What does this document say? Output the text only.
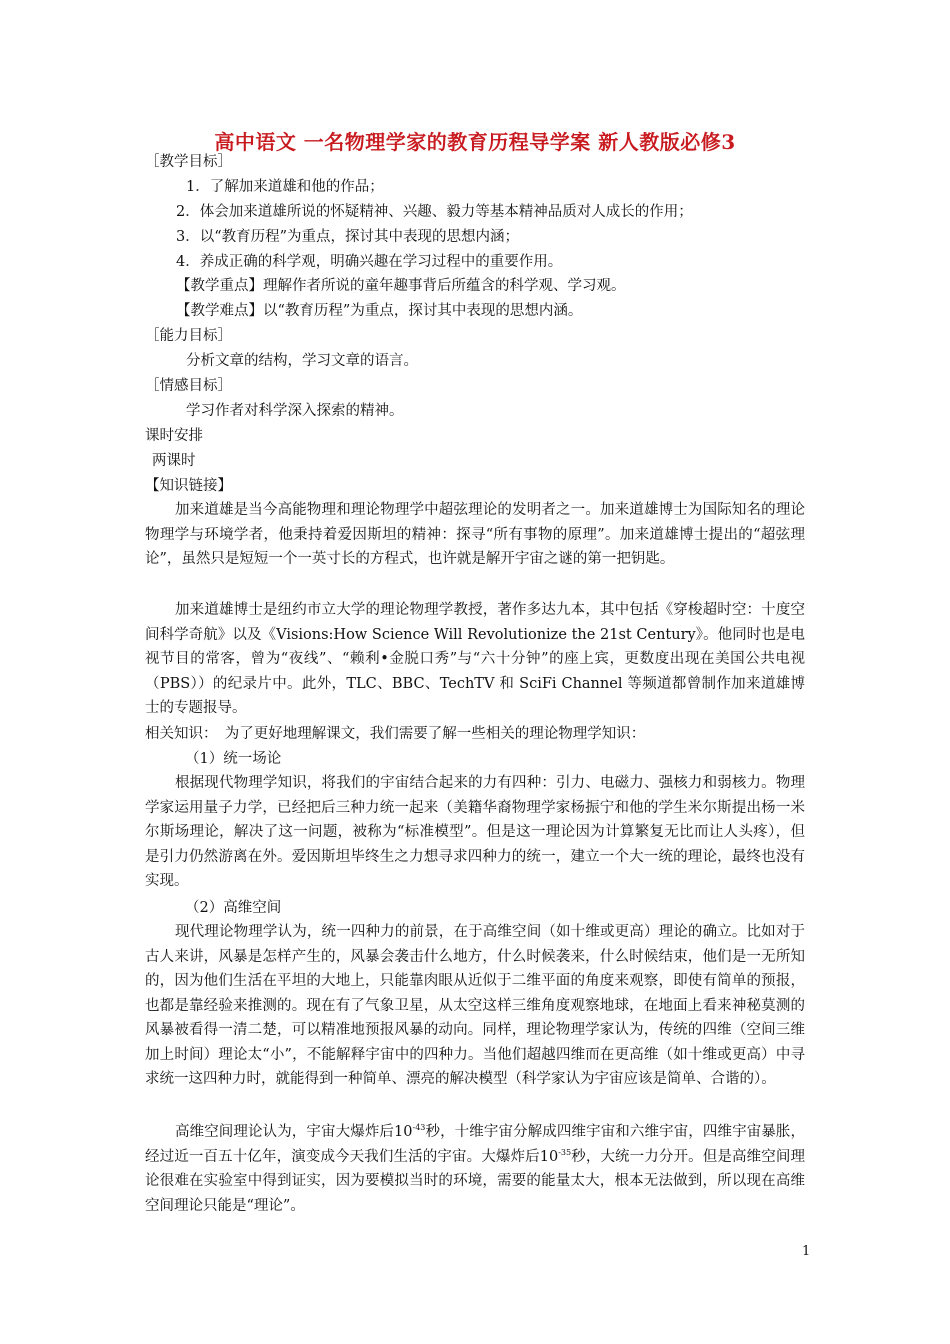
高中语文 一名物理学家的教育历程导学案 新人教版必修3
［教学目标］
1．了解加来道雄和他的作品；
2．体会加来道雄所说的怀疑精神、兴趣、毅力等基本精神品质对人成长的作用；
3．以“教育历程”为重点，探讨其中表现的思想内涵；
4．养成正确的科学观，明确兴趣在学习过程中的重要作用。
【教学重点】理解作者所说的童年趣事背后所蕴含的科学观、学习观。
【教学难点】以“教育历程”为重点，探讨其中表现的思想内涵。
［能力目标］
分析文章的结构，学习文章的语言。
［情感目标］
学习作者对科学深入探索的精神。
课时安排
两课时
【知识链接】
加来道雄是当今高能物理和理论物理学中超弦理论的发明者之一。加来道雄博士为国际知名的理论物理学与环境学者，他秉持着爱因斯坦的精神：探寻“所有事物的原理”。加来道雄博士提出的“超弦理论”，虽然只是短短一个一英寸长的方程式，也许就是解开宇宙之谜的第一把钥匙。
加来道雄博士是纽约市立大学的理论物理学教授，著作多达九本，其中包括《穿梭超时空：十度空间科学奇航》以及《Visions:How Science Will Revolutionize the 21st Century》。他同时也是电视节目的常客，曾为“夜线”、“赖利•金脱口秀”与“六十分钟”的座上宾，更数度出现在美国公共电视（PBS））的纪录片中。此外，TLC、BBC、TechTV 和 SciFi Channel 等频道都曾制作加来道雄博士的专题报导。
相关知识：　为了更好地理解课文，我们需要了解一些相关的理论物理学知识：
（1）统一场论
根据现代物理学知识，将我们的宇宙结合起来的力有四种：引力、电磁力、强核力和弱核力。物理学家运用量子力学，已经把后三种力统一起来（美籍华裔物理学家杨振宁和他的学生米尔斯提出杨一米尔斯场理论，解决了这一问题，被称为“标准模型”。但是这一理论因为计算繁复无比而让人头疼），但是引力仍然游离在外。爱因斯坦毕终生之力想寻求四种力的统一，建立一个大一统的理论，最终也没有实现。
（2）高维空间
现代理论物理学认为，统一四种力的前景，在于高维空间（如十维或更高）理论的确立。比如对于古人来讲，风暴是怎样产生的，风暴会袭击什么地方，什么时候袭来，什么时候结束，他们是一无所知的，因为他们生活在平坦的大地上，只能靠肉眼从近似于二维平面的角度来观察，即使有简单的预报，也都是靠经验来推测的。现在有了气象卫星，从太空这样三维角度观察地球，在地面上看来神秘莫测的风暴被看得一清二楚，可以精准地预报风暴的动向。同样，理论物理学家认为，传统的四维（空间三维加上时间）理论太“小”，不能解释宇宙中的四种力。当他们超越四维而在更高维（如十维或更高）中寻求统一这四种力时，就能得到一种简单、漂亮的解决模型（科学家认为宇宙应该是简单、合谐的）。
高维空间理论认为，宇宙大爆炸后$10^{-43}$秒，十维宇宙分解成四维宇宙和六维宇宙，四维宇宙暴胀，经过近一百五十亿年，演变成今天我们生活的宇宙。大爆炸后$10^{-35}$秒，大统一力分开。但是高维空间理论很难在实验室中得到证实，因为要模拟当时的环境，需要的能量太大，根本无法做到，所以现在高维空间理论只能是“理论”。
1
